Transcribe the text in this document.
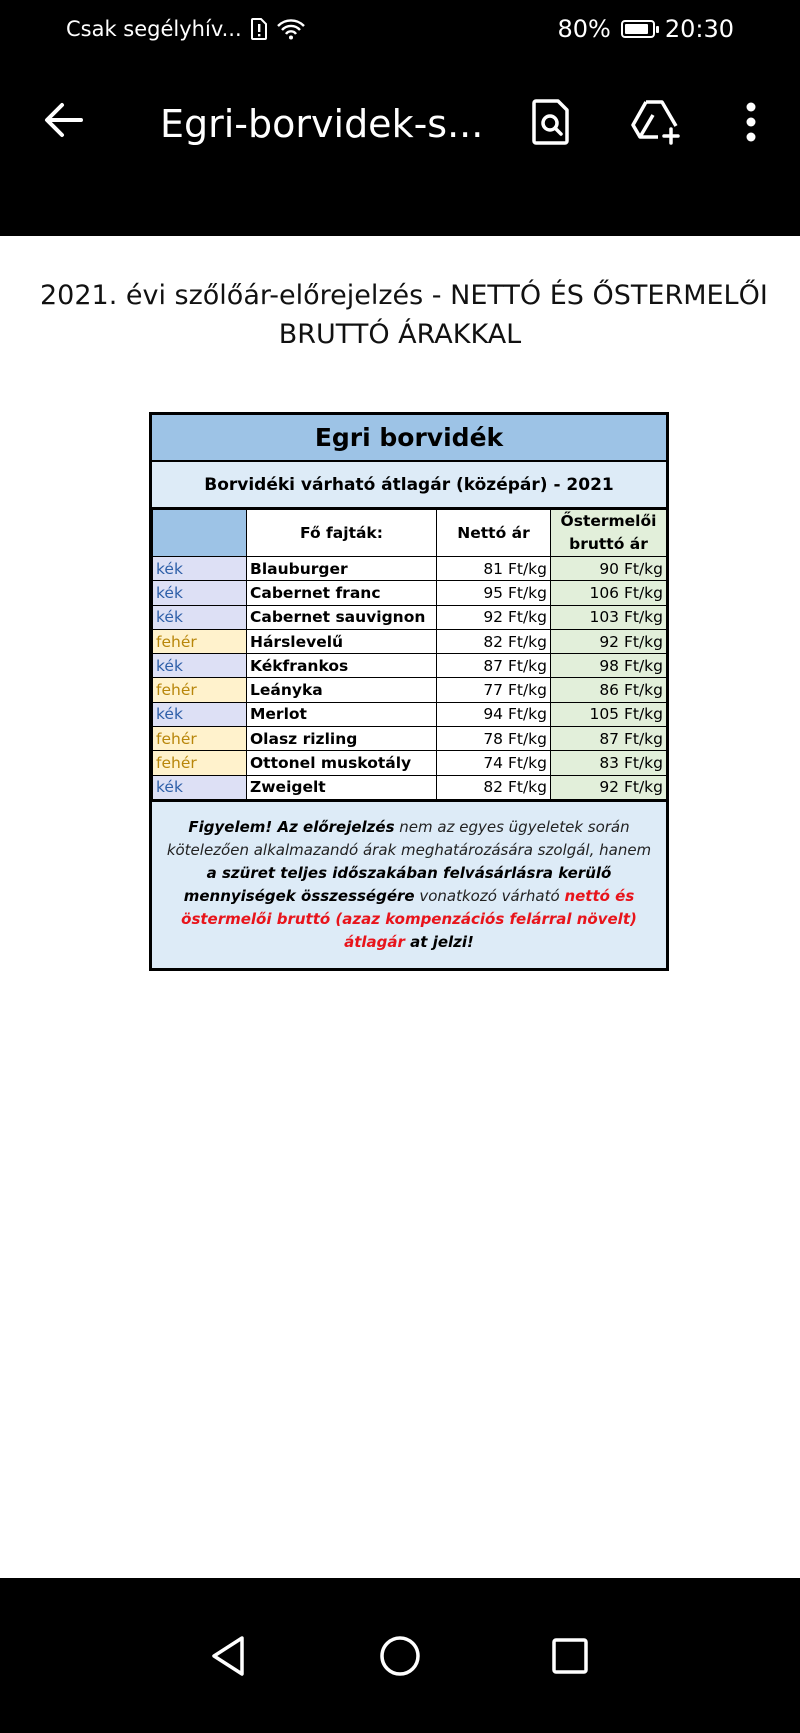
Csak segélyhív...	80% 20:30
Egri-borvidek-s...
2021. évi szőlőár-előrejelzés - NETTÓ ÉS ŐSTERMELŐI
BRUTTÓ ÁRAKKAL
Egri borvidék
Borvidéki várható átlagár (középár) - 2021
	Fő fajták:	Nettó ár	Őstermelői
bruttó ár

kék	Blauburger	81 Ft/kg	90 Ft/kg
kék	Cabernet franc	95 Ft/kg	106 Ft/kg
kék	Cabernet sauvignon	92 Ft/kg	103 Ft/kg
fehér	Hárslevelű	82 Ft/kg	92 Ft/kg
kék	Kékfrankos	87 Ft/kg	98 Ft/kg
fehér	Leányka	77 Ft/kg	86 Ft/kg
kék	Merlot	94 Ft/kg	105 Ft/kg
fehér	Olasz rizling	78 Ft/kg	87 Ft/kg
fehér	Ottonel muskotály	74 Ft/kg	83 Ft/kg
kék	Zweigelt	82 Ft/kg	92 Ft/kg
Figyelem! Az előrejelzés nem az egyes ügyeletek során kötelezően alkalmazandó árak meghatározására szolgál, hanem a szüret teljes időszakában felvásárlásra kerülő mennyiségek összességére vonatkozó várható nettó és östermelői bruttó (azaz kompenzációs felárral növelt) átlagár at jelzi!
